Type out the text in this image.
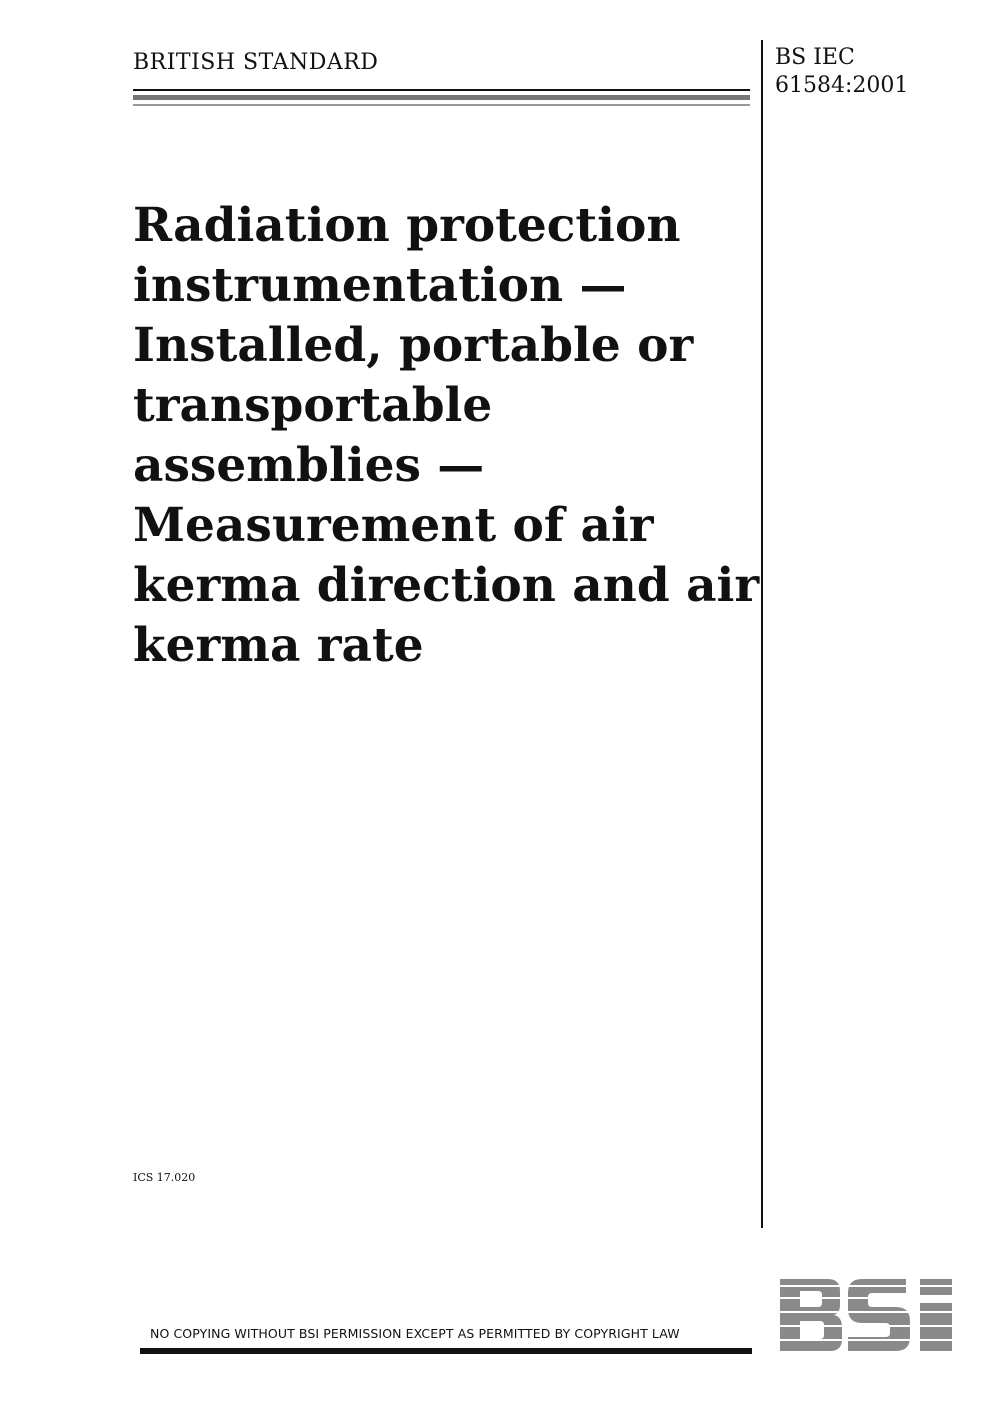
BRITISH STANDARD	BS IEC
61584:2001
Radiation protection
instrumentation —
Installed, portable or
transportable
assemblies —
Measurement of air
kerma direction and air
kerma rate
ICS 17.020
NO COPYING WITHOUT BSI PERMISSION EXCEPT AS PERMITTED BY COPYRIGHT LAW
